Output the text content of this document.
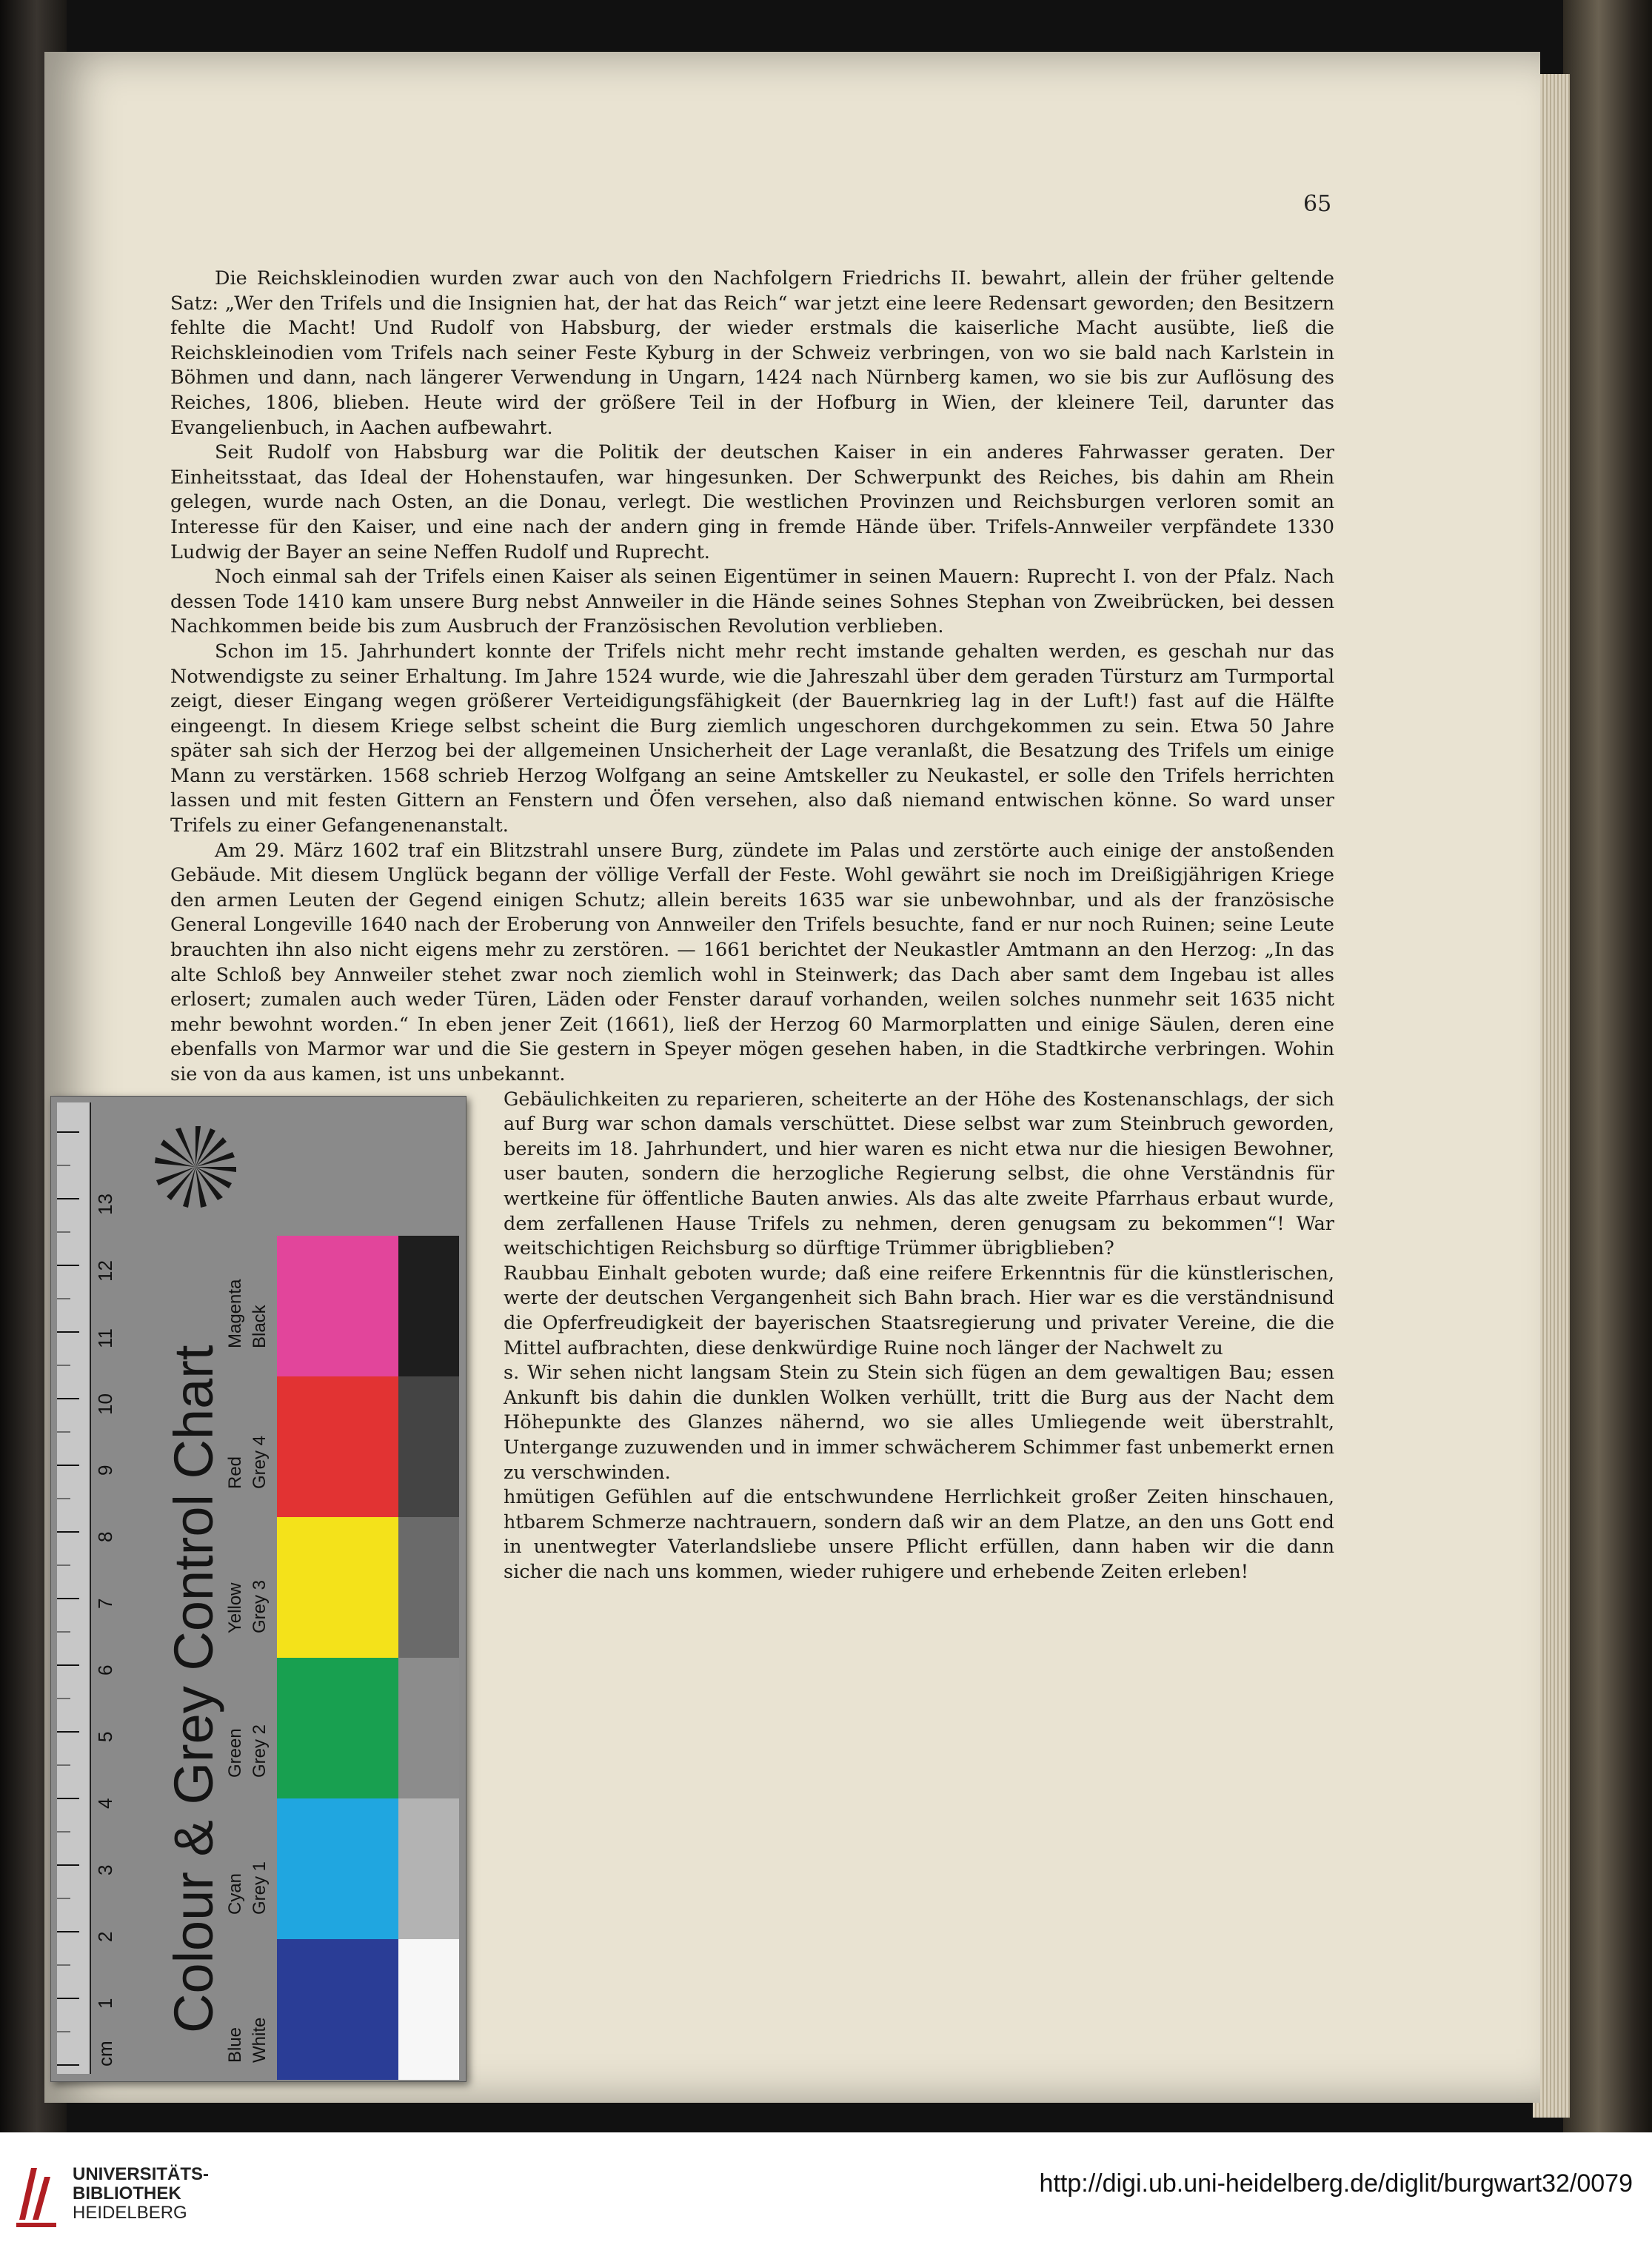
65

Die Reichskleinodien wurden zwar auch von den Nachfolgern Friedrichs II. bewahrt, allein der früher geltende Satz: „Wer den Trifels und die Insignien hat, der hat das Reich“ war jetzt eine leere Redensart geworden; den Besitzern fehlte die Macht! Und Rudolf von Habsburg, der wieder erstmals die kaiserliche Macht ausübte, ließ die Reichskleinodien vom Trifels nach seiner Feste Kyburg in der Schweiz verbringen, von wo sie bald nach Karlstein in Böhmen und dann, nach längerer Verwendung in Ungarn, 1424 nach Nürnberg kamen, wo sie bis zur Auflösung des Reiches, 1806, blieben. Heute wird der größere Teil in der Hofburg in Wien, der kleinere Teil, darunter das Evangelienbuch, in Aachen aufbewahrt.

Seit Rudolf von Habsburg war die Politik der deutschen Kaiser in ein anderes Fahrwasser geraten. Der Einheitsstaat, das Ideal der Hohenstaufen, war hingesunken. Der Schwerpunkt des Reiches, bis dahin am Rhein gelegen, wurde nach Osten, an die Donau, verlegt. Die westlichen Provinzen und Reichsburgen verloren somit an Interesse für den Kaiser, und eine nach der andern ging in fremde Hände über. Trifels-Annweiler verpfändete 1330 Ludwig der Bayer an seine Neffen Rudolf und Ruprecht.

Noch einmal sah der Trifels einen Kaiser als seinen Eigentümer in seinen Mauern: Ruprecht I. von der Pfalz. Nach dessen Tode 1410 kam unsere Burg nebst Annweiler in die Hände seines Sohnes Stephan von Zweibrücken, bei dessen Nachkommen beide bis zum Ausbruch der Französischen Revolution verblieben.

Schon im 15. Jahrhundert konnte der Trifels nicht mehr recht imstande gehalten werden, es geschah nur das Notwendigste zu seiner Erhaltung. Im Jahre 1524 wurde, wie die Jahreszahl über dem geraden Türsturz am Turmportal zeigt, dieser Eingang wegen größerer Verteidigungsfähigkeit (der Bauernkrieg lag in der Luft!) fast auf die Hälfte eingeengt. In diesem Kriege selbst scheint die Burg ziemlich ungeschoren durchgekommen zu sein. Etwa 50 Jahre später sah sich der Herzog bei der allgemeinen Unsicherheit der Lage veranlaßt, die Besatzung des Trifels um einige Mann zu verstärken. 1568 schrieb Herzog Wolfgang an seine Amtskeller zu Neukastel, er solle den Trifels herrichten lassen und mit festen Gittern an Fenstern und Öfen versehen, also daß niemand entwischen könne. So ward unser Trifels zu einer Gefangenenanstalt.

Am 29. März 1602 traf ein Blitzstrahl unsere Burg, zündete im Palas und zerstörte auch einige der anstoßenden Gebäude. Mit diesem Unglück begann der völlige Verfall der Feste. Wohl gewährt sie noch im Dreißigjährigen Kriege den armen Leuten der Gegend einigen Schutz; allein bereits 1635 war sie unbewohnbar, und als der französische General Longeville 1640 nach der Eroberung von Annweiler den Trifels besuchte, fand er nur noch Ruinen; seine Leute brauchten ihn also nicht eigens mehr zu zerstören. — 1661 berichtet der Neukastler Amtmann an den Herzog: „In das alte Schloß bey Annweiler stehet zwar noch ziemlich wohl in Steinwerk; das Dach aber samt dem Ingebau ist alles erlosert; zumalen auch weder Türen, Läden oder Fenster darauf vorhanden, weilen solches nunmehr seit 1635 nicht mehr bewohnt worden.“ In eben jener Zeit (1661), ließ der Herzog 60 Marmorplatten und einige Säulen, deren eine ebenfalls von Marmor war und die Sie gestern in Speyer mögen gesehen haben, in die Stadtkirche verbringen. Wohin sie von da aus kamen, ist uns unbekannt.

Gebäulichkeiten zu reparieren, scheiterte an der Höhe des Kostenanschlags, der sich auf Burg war schon damals verschüttet. Diese selbst war zum Steinbruch geworden, bereits im 18. Jahrhundert, und hier waren es nicht etwa nur die hiesigen Bewohner, user bauten, sondern die herzogliche Regierung selbst, die ohne Verständnis für wertkeine für öffentliche Bauten anwies. Als das alte zweite Pfarrhaus erbaut wurde, dem zerfallenen Hause Trifels zu nehmen, deren genugsam zu bekommen“! War weitschichtigen Reichsburg so dürftige Trümmer übrigblieben?

Raubbau Einhalt geboten wurde; daß eine reifere Erkenntnis für die künstlerischen, werte der deutschen Vergangenheit sich Bahn brach. Hier war es die verständnisund die Opferfreudigkeit der bayerischen Staatsregierung und privater Vereine, die die Mittel aufbrachten, diese denkwürdige Ruine noch länger der Nachwelt zu

s. Wir sehen nicht langsam Stein zu Stein sich fügen an dem gewaltigen Bau; essen Ankunft bis dahin die dunklen Wolken verhüllt, tritt die Burg aus der Nacht dem Höhepunkte des Glanzes nähernd, wo sie alles Umliegende weit überstrahlt, Untergange zuzuwenden und in immer schwächerem Schimmer fast unbemerkt ernen zu verschwinden.

hmütigen Gefühlen auf die entschwundene Herrlichkeit großer Zeiten hinschauen, htbarem Schmerze nachtrauern, sondern daß wir an dem Platze, an den uns Gott end in unentwegter Vaterlandsliebe unsere Pflicht erfüllen, dann haben wir die dann sicher die nach uns kommen, wieder ruhigere und erhebende Zeiten erleben!

cm
1
2
3
4
5
6
7
8
9
10
11
12
13
Colour & Grey Control Chart
Blue
Cyan
Green
Yellow
Red
Magenta
White
Grey 1
Grey 2
Grey 3
Grey 4
Black
UNIVERSITÄTS-
BIBLIOTHEK
HEIDELBERG
http://digi.ub.uni-heidelberg.de/diglit/burgwart32/0079
